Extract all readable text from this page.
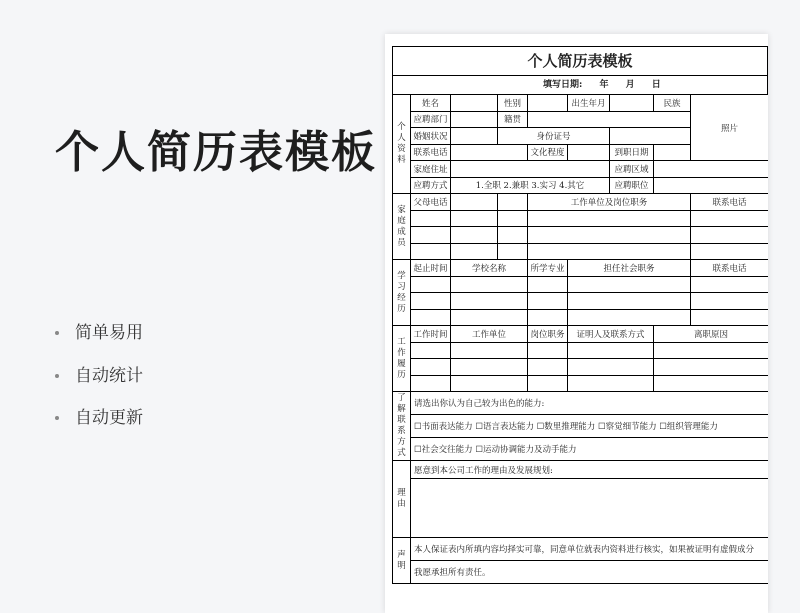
个人简历表模板
简单易用
自动统计
自动更新
个人简历表模板
填写日期: 年 月 日
个人资料	姓名		性别		出生年月		民族	照片
	应聘部门		籍贯					
	婚姻状况		身份证号					
	联系电话			文化程度		到职日期		
	家庭住址					应聘区域		
	应聘方式	1.全职 2.兼职 3.实习 4.其它				应聘职位		

家庭成员	父母电话			工作单位及岗位职务				联系电话

学习经历	起止时间	学校名称		所学专业	担任社会职务			联系电话

工作履历	工作时间	工作单位		岗位职务	证明人及联系方式		离职原因	

了解联系方式	请选出你认为自己较为出色的能力:							
	☐书面表达能力 ☐语言表达能力 ☐数里推理能力 ☐察觉细节能力 ☐组织管理能力							
	☐社会交往能力 ☐运动协调能力及动手能力							

理由	愿意到本公司工作的理由及发展规划:							

声明	本人保证表内所填内容均择实可靠，同意单位就表内资料进行核实，如果被证明有虚假成分							
	我愿承担所有责任。							
